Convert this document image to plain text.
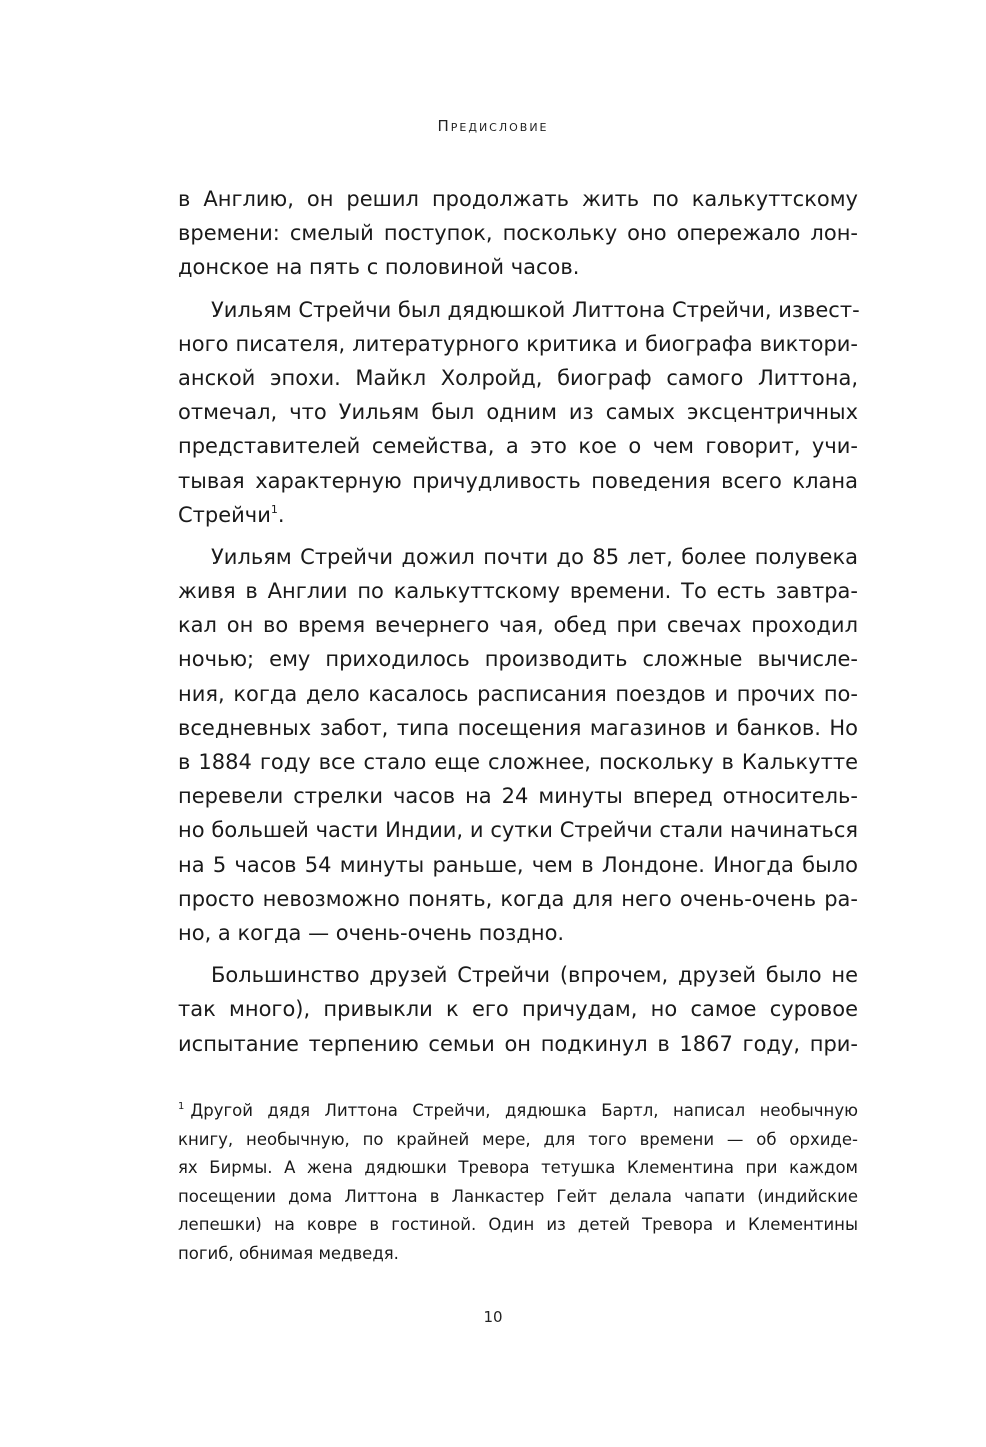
Предисловие
в Англию, он решил продолжать жить по калькуттскому
времени: смелый поступок, поскольку оно опережало лон-
донское на пять с половиной часов.
Уильям Стрейчи был дядюшкой Литтона Стрейчи, извест-
ного писателя, литературного критика и биографа виктори-
анской эпохи. Майкл Холройд, биограф самого Литтона,
отмечал, что Уильям был одним из самых эксцентричных
представителей семейства, а это кое о чем говорит, учи-
тывая характерную причудливость поведения всего клана
Стрейчи$^1$.
Уильям Стрейчи дожил почти до 85 лет, более полувека
живя в Англии по калькуттскому времени. То есть завтра-
кал он во время вечернего чая, обед при свечах проходил
ночью; ему приходилось производить сложные вычисле-
ния, когда дело касалось расписания поездов и прочих по-
вседневных забот, типа посещения магазинов и банков. Но
в 1884 году все стало еще сложнее, поскольку в Калькутте
перевели стрелки часов на 24 минуты вперед относитель-
но большей части Индии, и сутки Стрейчи стали начинаться
на 5 часов 54 минуты раньше, чем в Лондоне. Иногда было
просто невозможно понять, когда для него очень-очень ра-
но, а когда — очень-очень поздно.
Большинство друзей Стрейчи (впрочем, друзей было не
так много), привыкли к его причудам, но самое суровое
испытание терпению семьи он подкинул в 1867 году, при-
$^1$ Другой дядя Литтона Стрейчи, дядюшка Бартл, написал необычную
книгу, необычную, по крайней мере, для того времени — об орхиде-
ях Бирмы. А жена дядюшки Тревора тетушка Клементина при каждом
посещении дома Литтона в Ланкастер Гейт делала чапати (индийские
лепешки) на ковре в гостиной. Один из детей Тревора и Клементины
погиб, обнимая медведя.
10
